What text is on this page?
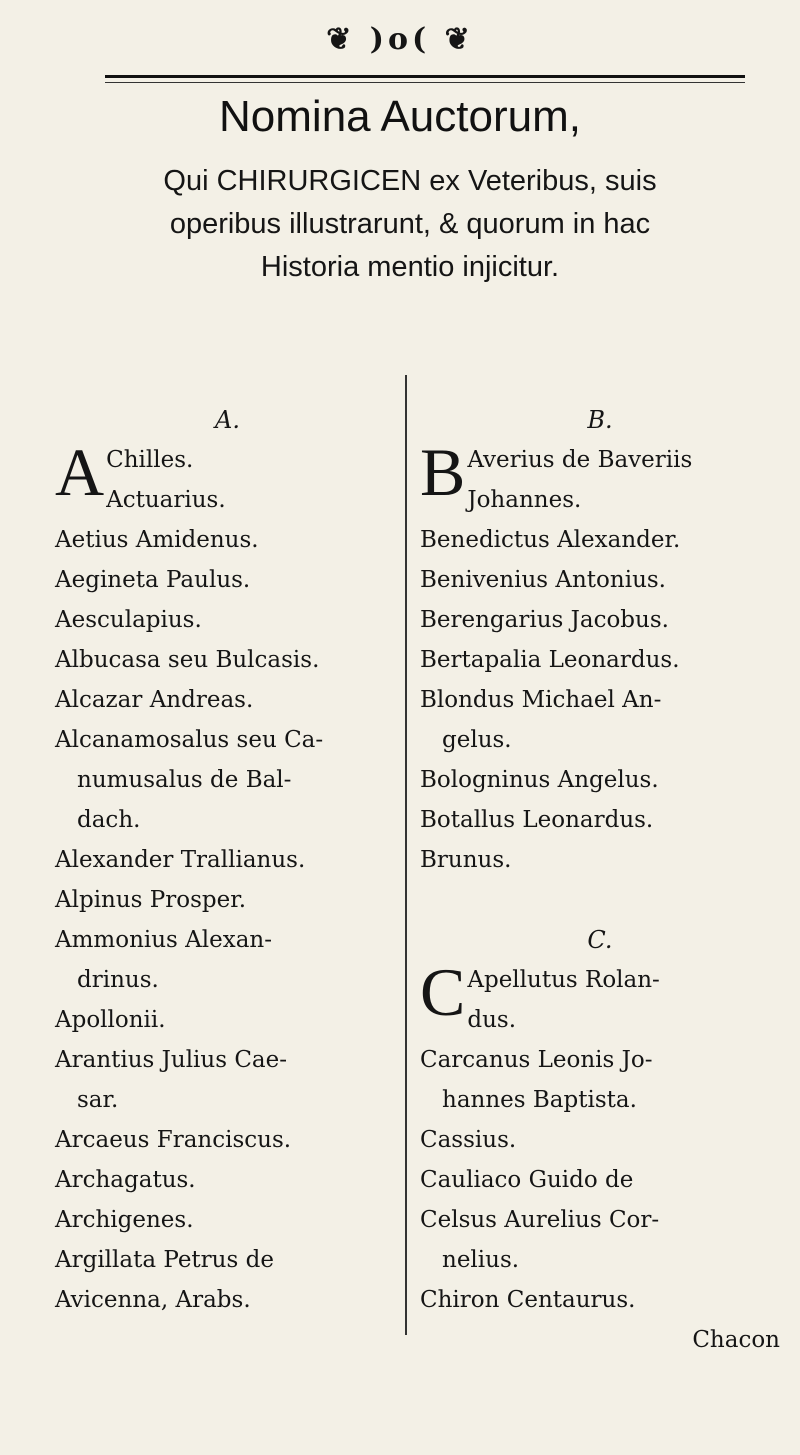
❦ )o( ❦
Nomina Auctorum,
Qui CHIRURGICEN ex Veteribus, suis operibus illustrarunt, & quorum in hac Historia mentio injicitur.
A.
A Chilles.
Actuarius.
Aetius Amidenus.
Aegineta Paulus.
Aesculapius.
Albucasa seu Bulcasis.
Alcazar Andreas.
Alcanamosalus seu Ca-
numusalus de Bal-
dach.
Alexander Trallianus.
Alpinus Prosper.
Ammonius Alexan-
drinus.
Apollonii.
Arantius Julius Cae-
sar.
Arcaeus Franciscus.
Archagatus.
Archigenes.
Argillata Petrus de
Avicenna, Arabs.
B.
B Averius de Baveriis
Johannes.
Benedictus Alexander.
Benivenius Antonius.
Berengarius Jacobus.
Bertapalia Leonardus.
Blondus Michael An-
gelus.
Bologninus Angelus.
Botallus Leonardus.
Brunus.
C.
C Apellutus Rolan-
dus.
Carcanus Leonis Jo-
hannes Baptista.
Cassius.
Cauliaco Guido de
Celsus Aurelius Cor-
nelius.
Chiron Centaurus.
Chacon
